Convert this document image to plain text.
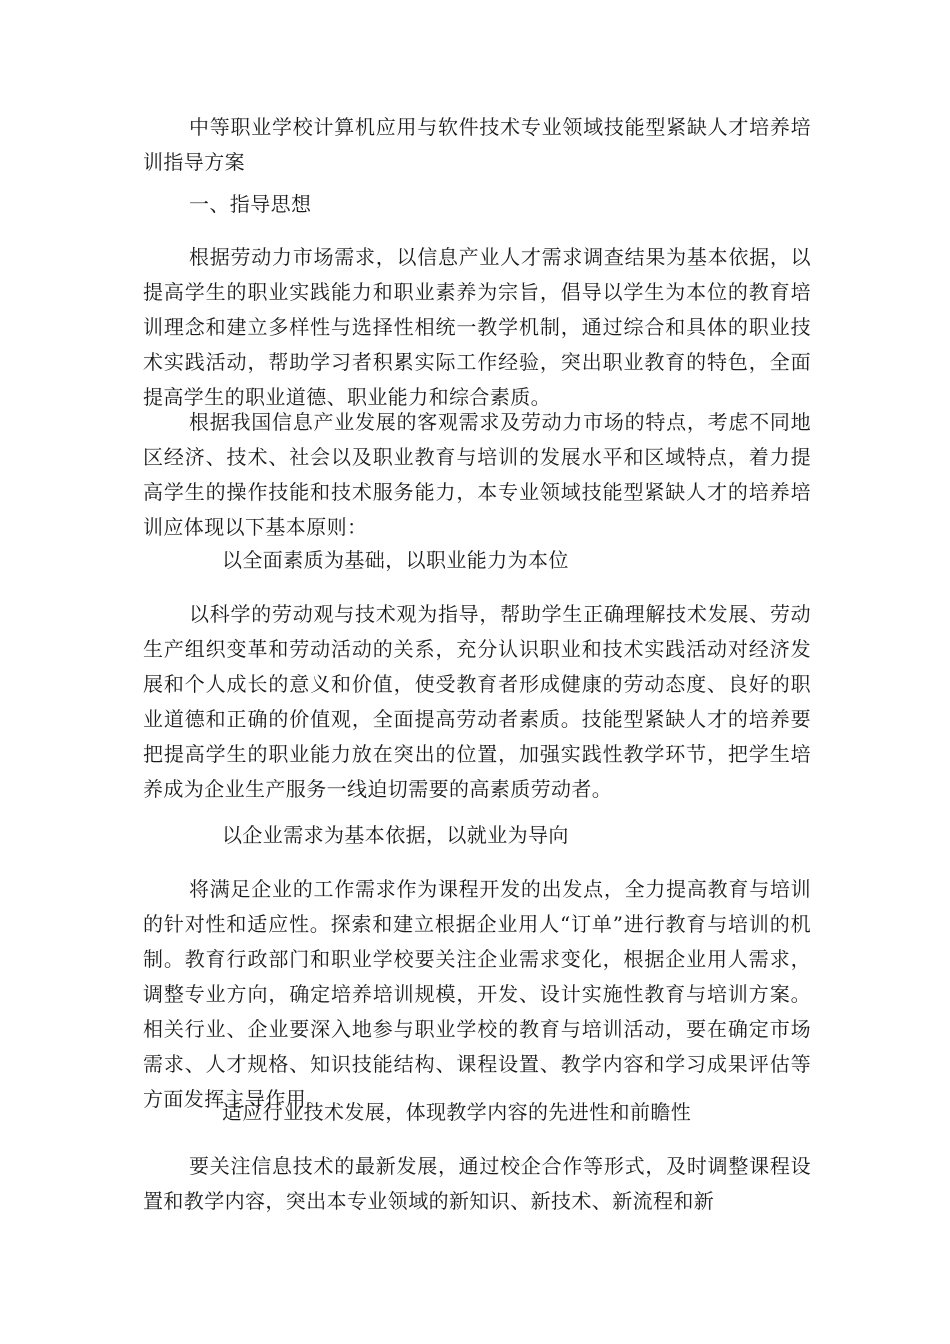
中等职业学校计算机应用与软件技术专业领域技能型紧缺人才培养培训指导方案

一、指导思想

根据劳动力市场需求，以信息产业人才需求调查结果为基本依据，以提高学生的职业实践能力和职业素养为宗旨，倡导以学生为本位的教育培训理念和建立多样性与选择性相统一教学机制，通过综合和具体的职业技术实践活动，帮助学习者积累实际工作经验，突出职业教育的特色，全面提高学生的职业道德、职业能力和综合素质。

根据我国信息产业发展的客观需求及劳动力市场的特点，考虑不同地区经济、技术、社会以及职业教育与培训的发展水平和区域特点，着力提高学生的操作技能和技术服务能力，本专业领域技能型紧缺人才的培养培训应体现以下基本原则：

以全面素质为基础，以职业能力为本位

以科学的劳动观与技术观为指导，帮助学生正确理解技术发展、劳动生产组织变革和劳动活动的关系，充分认识职业和技术实践活动对经济发展和个人成长的意义和价值，使受教育者形成健康的劳动态度、良好的职业道德和正确的价值观，全面提高劳动者素质。技能型紧缺人才的培养要把提高学生的职业能力放在突出的位置，加强实践性教学环节，把学生培养成为企业生产服务一线迫切需要的高素质劳动者。

以企业需求为基本依据，以就业为导向

将满足企业的工作需求作为课程开发的出发点，全力提高教育与培训的针对性和适应性。探索和建立根据企业用人“订单”进行教育与培训的机制。教育行政部门和职业学校要关注企业需求变化，根据企业用人需求，调整专业方向，确定培养培训规模，开发、设计实施性教育与培训方案。相关行业、企业要深入地参与职业学校的教育与培训活动，要在确定市场需求、人才规格、知识技能结构、课程设置、教学内容和学习成果评估等方面发挥主导作用。

适应行业技术发展，体现教学内容的先进性和前瞻性

要关注信息技术的最新发展，通过校企合作等形式，及时调整课程设置和教学内容，突出本专业领域的新知识、新技术、新流程和新
